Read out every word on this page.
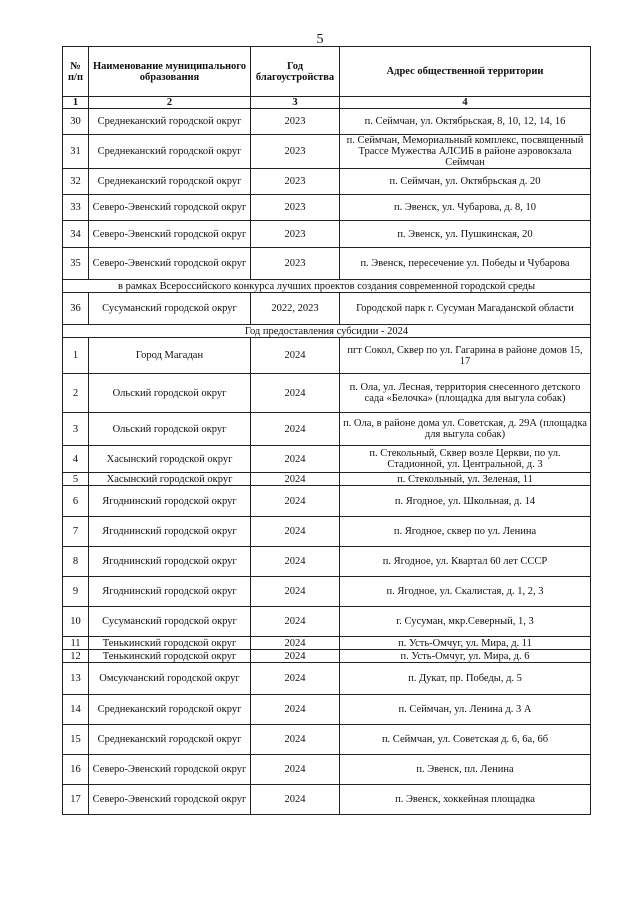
5
№ п/п	Наименование муниципального образования	Год благоустройства	Адрес общественной территории
1	2	3	4
30	Среднеканский городской округ	2023	п. Сеймчан, ул. Октябрьская, 8, 10, 12, 14, 16
31	Среднеканский городской округ	2023	п. Сеймчан, Мемориальный комплекс, посвященный Трассе Мужества АЛСИБ в районе аэровокзала Сеймчан
32	Среднеканский городской округ	2023	п. Сеймчан, ул. Октябрьская д. 20
33	Северо-Эвенский городской округ	2023	п. Эвенск, ул. Чубарова, д. 8, 10
34	Северо-Эвенский городской округ	2023	п. Эвенск, ул. Пушкинская, 20
35	Северо-Эвенский городской округ	2023	п. Эвенск, пересечение ул. Победы и Чубарова
в рамках Всероссийского конкурса лучших проектов создания современной городской среды			
36	Сусуманский городской округ	2022, 2023	Городской парк г. Сусуман Магаданской области
Год предоставления субсидии - 2024			
1	Город Магадан	2024	пгт Сокол, Сквер по ул. Гагарина в районе домов 15, 17
2	Ольский городской округ	2024	п. Ола, ул. Лесная, территория снесенного детского сада «Белочка» (площадка для выгула собак)
3	Ольский городской округ	2024	п. Ола, в районе дома ул. Советская, д. 29А (площадка для выгула собак)
4	Хасынский городской округ	2024	п. Стекольный, Сквер возле Церкви, по ул. Стадионной, ул. Центральной, д. 3
5	Хасынский городской округ	2024	п. Стекольный, ул. Зеленая, 11
6	Ягоднинский городской округ	2024	п. Ягодное, ул. Школьная, д. 14
7	Ягоднинский городской округ	2024	п. Ягодное, сквер по ул. Ленина
8	Ягоднинский городской округ	2024	п. Ягодное, ул. Квартал 60 лет СССР
9	Ягоднинский городской округ	2024	п. Ягодное, ул. Скалистая, д. 1, 2, 3
10	Сусуманский городской округ	2024	г. Сусуман, мкр.Северный, 1, 3
11	Тенькинский городской округ	2024	п. Усть-Омчуг, ул. Мира, д. 11
12	Тенькинский городской округ	2024	п. Усть-Омчуг, ул. Мира, д. 6
13	Омсукчанский городской округ	2024	п. Дукат, пр. Победы, д. 5
14	Среднеканский городской округ	2024	п. Сеймчан, ул. Ленина д. 3 А
15	Среднеканский городской округ	2024	п. Сеймчан, ул. Советская д. 6, 6а, 6б
16	Северо-Эвенский городской округ	2024	п. Эвенск, пл. Ленина
17	Северо-Эвенский городской округ	2024	п. Эвенск, хоккейная площадка
